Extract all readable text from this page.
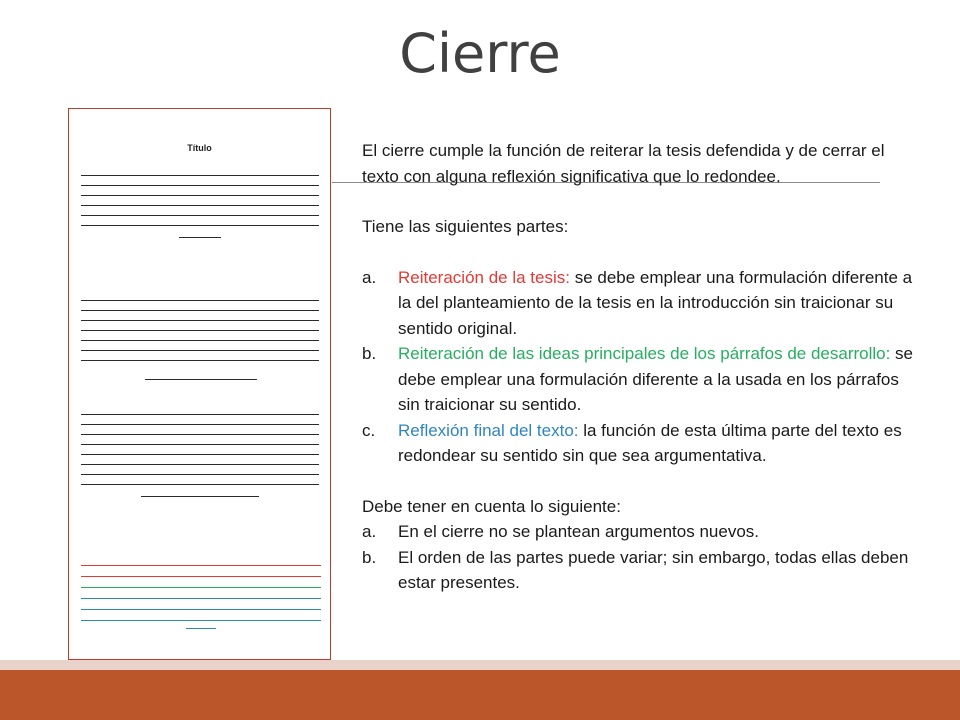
Cierre
Título	El cierre cumple la función de reiterar la tesis defendida y de cerrar el texto con alguna reflexión significativa que lo redondee.

Tiene las siguientes partes:

a. Reiteración de la tesis: se debe emplear una formulación diferente a la del planteamiento de la tesis en la introducción sin traicionar su sentido original.
b. Reiteración de las ideas principales de los párrafos de desarrollo: se debe emplear una formulación diferente a la usada en los párrafos sin traicionar su sentido.
c. Reflexión final del texto: la función de esta última parte del texto es redondear su sentido sin que sea argumentativa.

Debe tener en cuenta lo siguiente:

a. En el cierre no se plantean argumentos nuevos.
b. El orden de las partes puede variar; sin embargo, todas ellas deben estar presentes.
